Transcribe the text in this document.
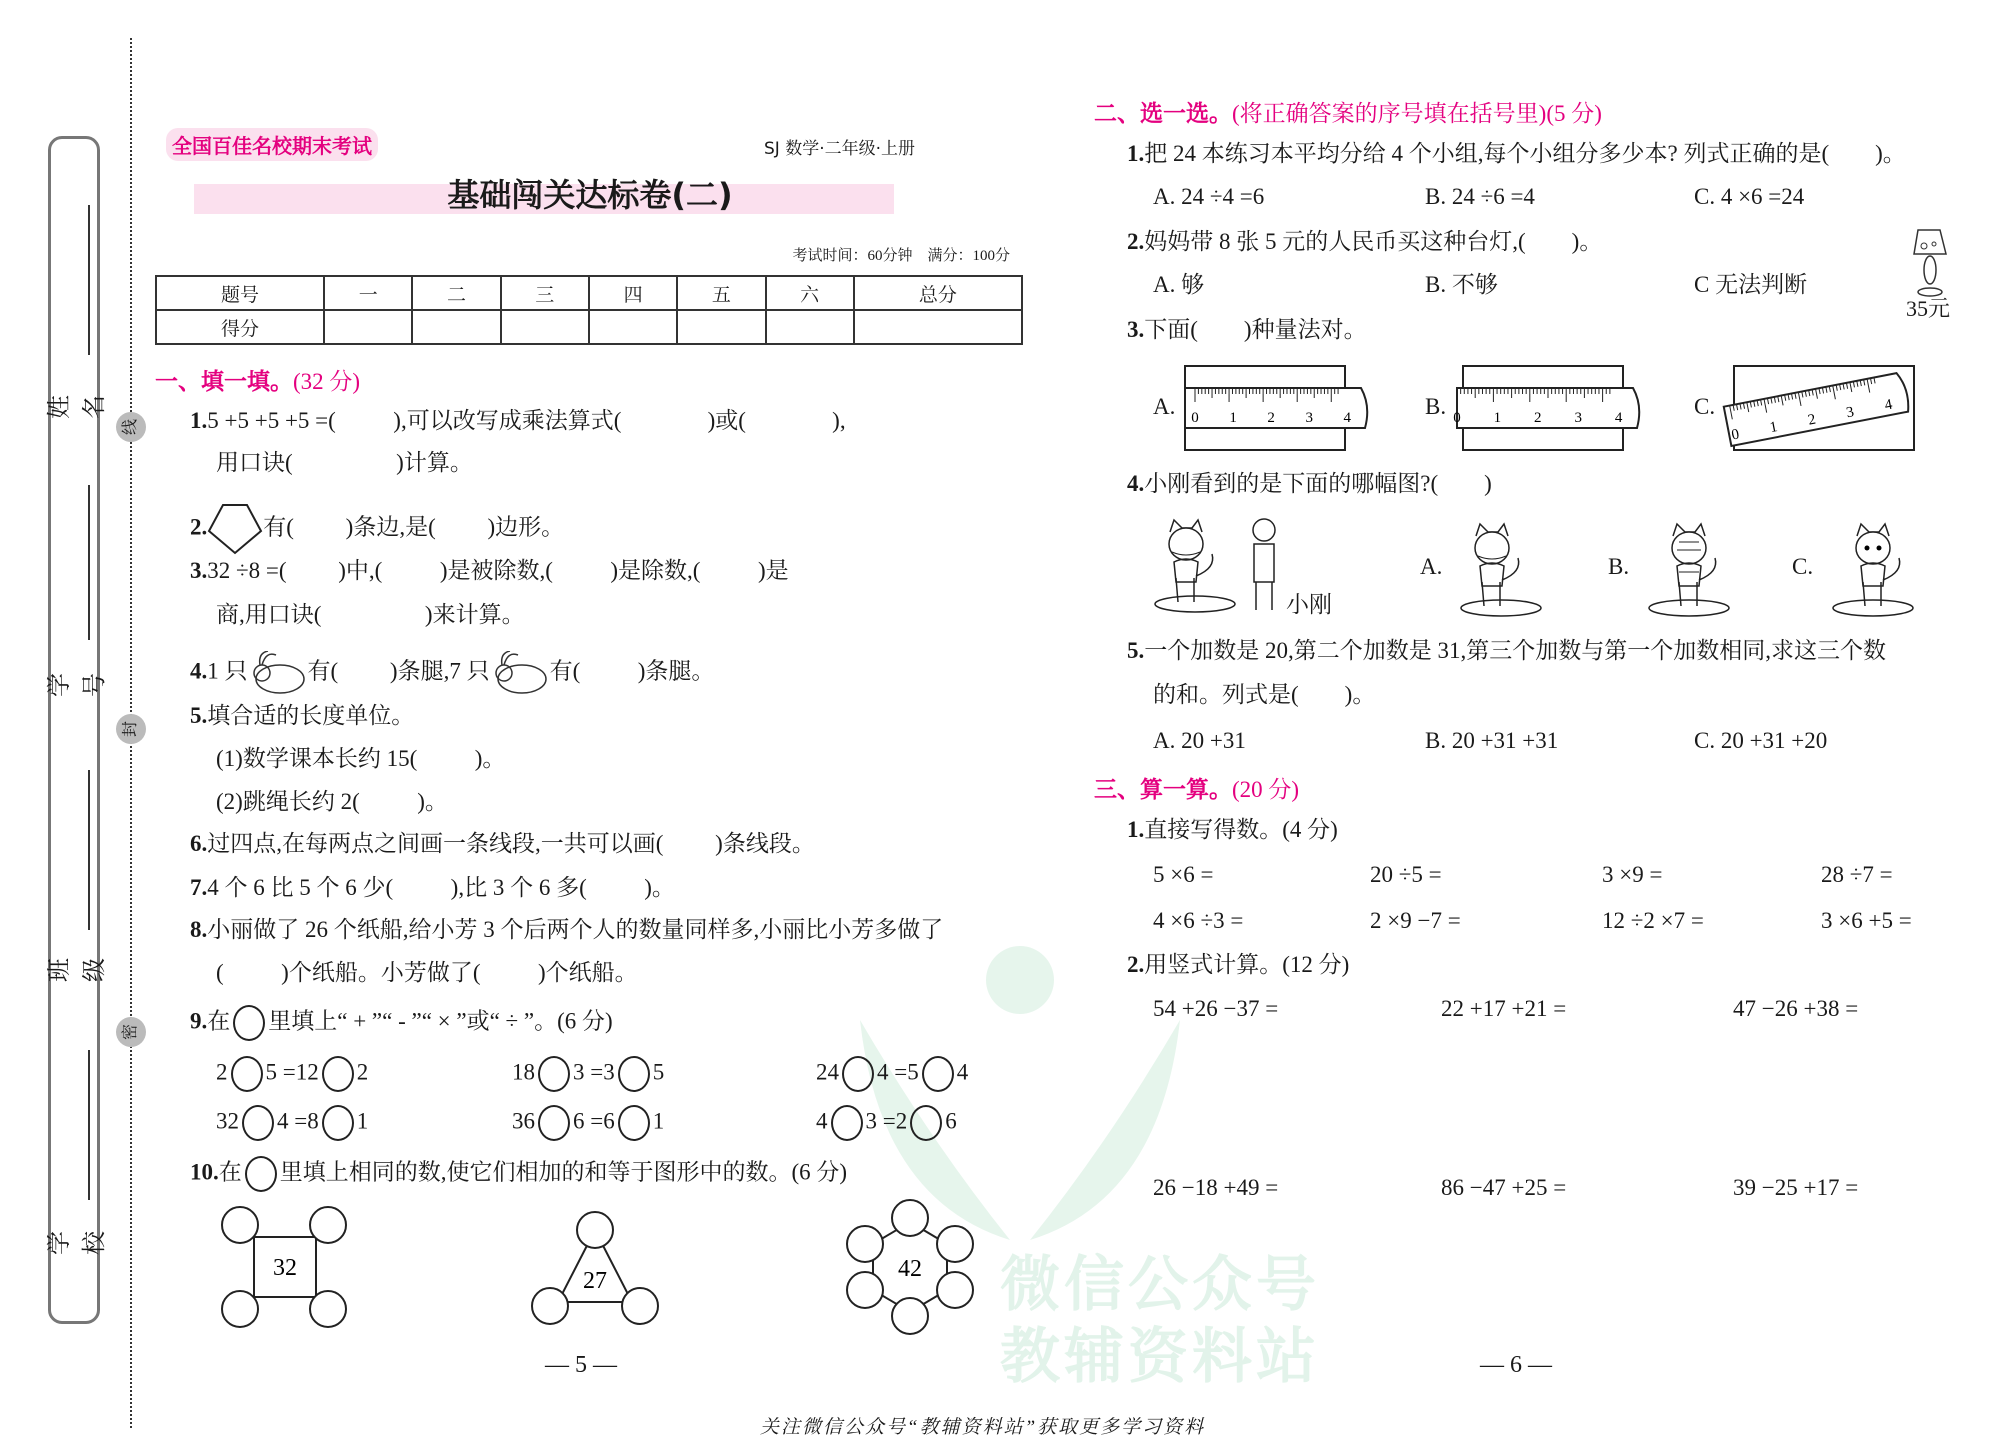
微信公众号
教辅资料站
姓名
学号
班级
学校
线
封
密
全国百佳名校期末考试	SJ 数学·二年级·上册
基础闯关达标卷(二)
考试时间：60分钟　满分：100分
题号	一	二	三	四	五	六	总分
得分							
一、填一填。(32 分)
1.5 +5 +5 +5 =(          ),可以改写成乘法算式(               )或(               ),
用口诀(                  )计算。
2. 有(         )条边,是(         )边形。
3.32 ÷8 =(         )中,(          )是被除数,(          )是除数,(          )是
商,用口诀(                  )来计算。
4.1 只	有(         )条腿,7 只	有(          )条腿。
5.填合适的长度单位。
(1)数学课本长约 15(          )。
(2)跳绳长约 2(          )。
6.过四点,在每两点之间画一条线段,一共可以画(         )条线段。
7.4 个 6 比 5 个 6 少(          ),比 3 个 6 多(          )。
8.小丽做了 26 个纸船,给小芳 3 个后两个人的数量同样多,小丽比小芳多做了
(          )个纸船。小芳做了(          )个纸船。
9.在 里填上“ + ”“ - ”“ × ”或“ ÷ ”。(6 分)
2 5 =12 2	18 3 =3 5	24 4 =5 4
32 4 =8 1	36 6 =6 1	4 3 =2 6
10.在 里填上相同的数,使它们相加的和等于图形中的数。(6 分)
32	27	42
— 5 —
二、选一选。(将正确答案的序号填在括号里)(5 分)
1.把 24 本练习本平均分给 4 个小组,每个小组分多少本? 列式正确的是(        )。
A. 24 ÷4 =6	B. 24 ÷6 =4	C. 4 ×6 =24
2.妈妈带 8 张 5 元的人民币买这种台灯,(        )。
A. 够	B. 不够	C 无法判断
35元
3.下面(        )种量法对。
A. 0 1 2 3 4	B. 0 1 2 3 4	C.
0 1 2 3 4
4.小刚看到的是下面的哪幅图?(        )
小刚
A.	B.	C.
5.一个加数是 20,第二个加数是 31,第三个加数与第一个加数相同,求这三个数
的和。列式是(        )。
A. 20 +31	B. 20 +31 +31	C. 20 +31 +20
三、算一算。(20 分)
1.直接写得数。(4 分)
5 ×6 =	20 ÷5 =	3 ×9 =	28 ÷7 =
4 ×6 ÷3 =	2 ×9 −7 =	12 ÷2 ×7 =	3 ×6 +5 =
2.用竖式计算。(12 分)
54 +26 −37 =	22 +17 +21 =	47 −26 +38 =
26 −18 +49 =	86 −47 +25 =	39 −25 +17 =
— 6 —
关注微信公众号“教辅资料站”获取更多学习资料
